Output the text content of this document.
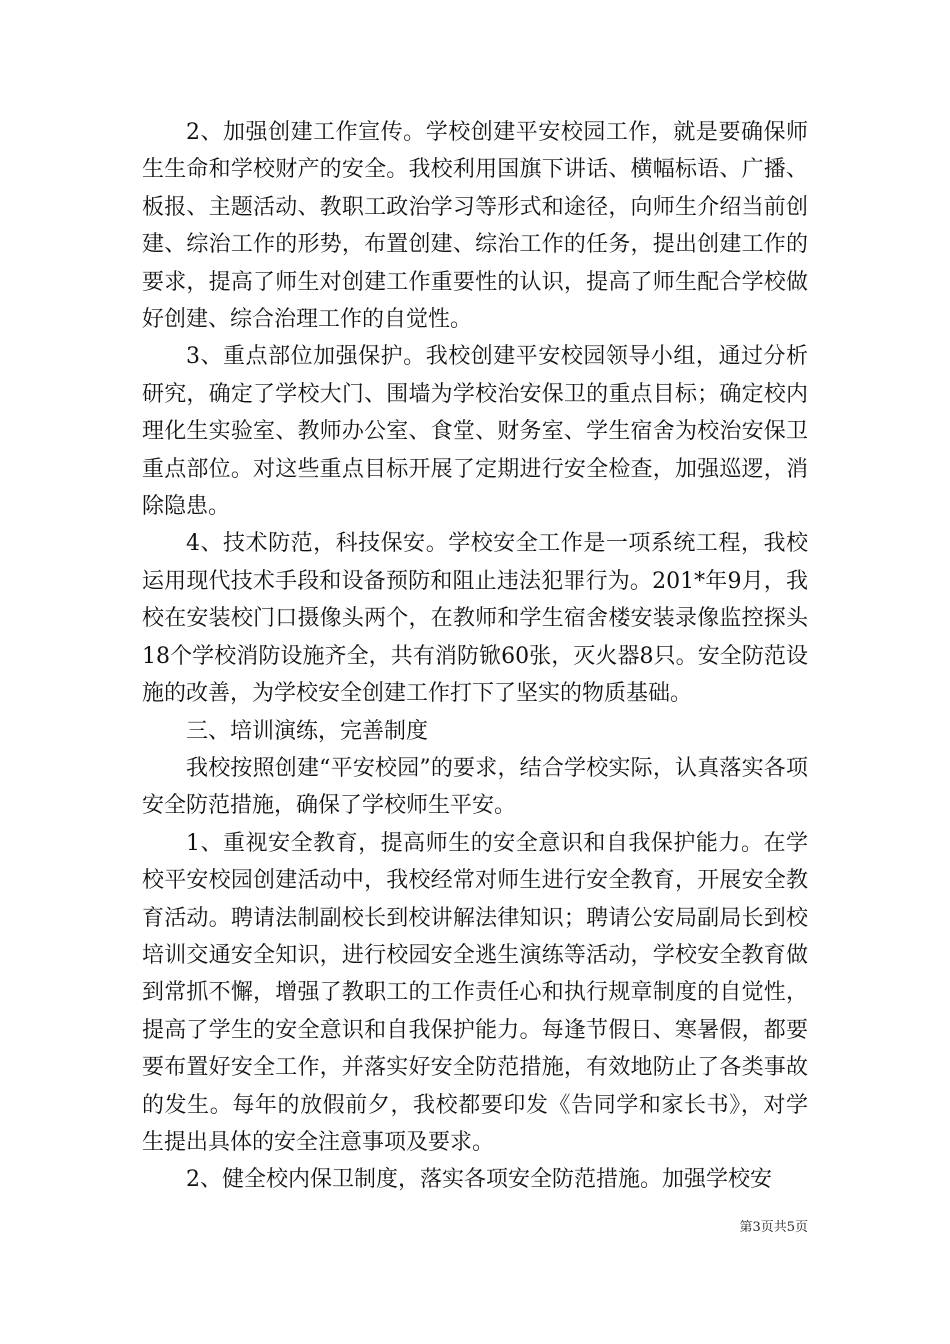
2、加强创建工作宣传。学校创建平安校园工作，就是要确保师生生命和学校财产的安全。我校利用国旗下讲话、横幅标语、广播、板报、主题活动、教职工政治学习等形式和途径，向师生介绍当前创建、综治工作的形势，布置创建、综治工作的任务，提出创建工作的要求，提高了师生对创建工作重要性的认识，提高了师生配合学校做好创建、综合治理工作的自觉性。

3、重点部位加强保护。我校创建平安校园领导小组，通过分析研究，确定了学校大门、围墙为学校治安保卫的重点目标；确定校内理化生实验室、教师办公室、食堂、财务室、学生宿舍为校治安保卫重点部位。对这些重点目标开展了定期进行安全检查，加强巡逻，消除隐患。

4、技术防范，科技保安。学校安全工作是一项系统工程，我校运用现代技术手段和设备预防和阻止违法犯罪行为。201*年9月，我校在安装校门口摄像头两个，在教师和学生宿舍楼安装录像监控探头18个学校消防设施齐全，共有消防锨60张，灭火器8只。安全防范设施的改善，为学校安全创建工作打下了坚实的物质基础。

三、培训演练，完善制度

我校按照创建“平安校园”的要求，结合学校实际，认真落实各项安全防范措施，确保了学校师生平安。

1、重视安全教育，提高师生的安全意识和自我保护能力。在学校平安校园创建活动中，我校经常对师生进行安全教育，开展安全教育活动。聘请法制副校长到校讲解法律知识；聘请公安局副局长到校培训交通安全知识，进行校园安全逃生演练等活动，学校安全教育做到常抓不懈，增强了教职工的工作责任心和执行规章制度的自觉性，提高了学生的安全意识和自我保护能力。每逢节假日、寒暑假，都要要布置好安全工作，并落实好安全防范措施，有效地防止了各类事故的发生。每年的放假前夕，我校都要印发《告同学和家长书》，对学生提出具体的安全注意事项及要求。

2、健全校内保卫制度，落实各项安全防范措施。加强学校安

第3页共5页
